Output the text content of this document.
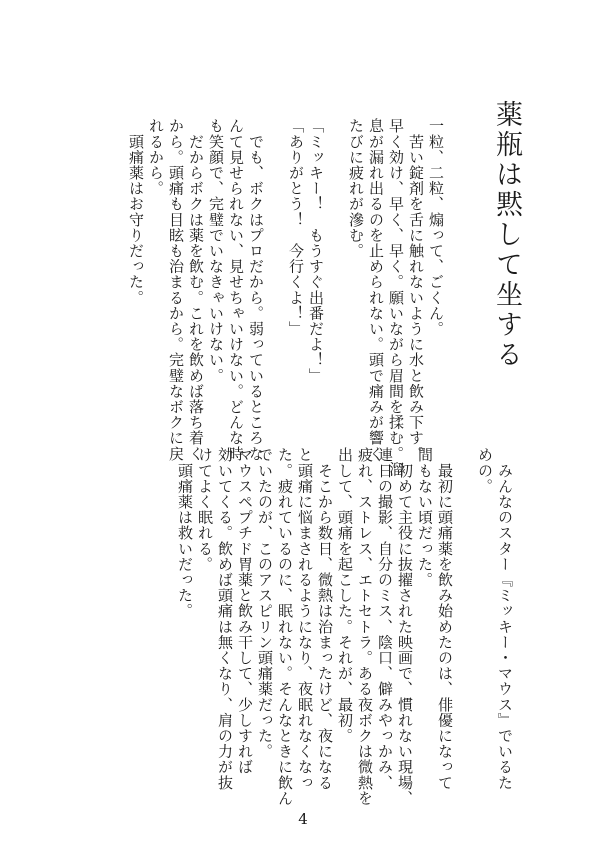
薬瓶は黙して坐する
一粒、二粒、煽って、ごくん。
　苦い錠剤を舌に触れないように水と飲み下す。
早く効け、早く、早く。願いながら眉間を揉む。溜
息が漏れ出るのを止められない。頭で痛みが響く
たびに疲れが滲む。

「ミッキー！　もうすぐ出番だよ！」
「ありがとう！　今行くよ！」

　でも、ボクはプロだから。弱っているところな
んて見せられない、見せちゃいけない。どんな時
も笑顔で、完璧でいなきゃいけない。
　だからボクは薬を飲む。これを飲めば落ち着く
から。頭痛も目眩も治まるから。完璧なボクに戻
れるから。
　頭痛薬はお守りだった。
　みんなのスター『ミッキー・マウス』でいるた
めの。

　最初に頭痛薬を飲み始めたのは、俳優になって
間もない頃だった。
　初めて主役に抜擢された映画で、慣れない現場、
連日の撮影、自分のミス、陰口、僻みやっかみ、
疲れ、ストレス、エトセトラ。ある夜ボクは微熱を
出して、頭痛を起こした。それが、最初。
　そこから数日、微熱は治まったけど、夜になる
と頭痛に悩まされるようになり、夜眠れなくなっ
た。疲れているのに、眠れない。そんなときに飲ん
でいたのが、このアスピリン頭痛薬だった。
マウスペプチド胃薬と飲み干して、少しすれば
効いてくる。飲めば頭痛は無くなり、肩の力が抜
けてよく眠れる。
　頭痛薬は救いだった。
4
